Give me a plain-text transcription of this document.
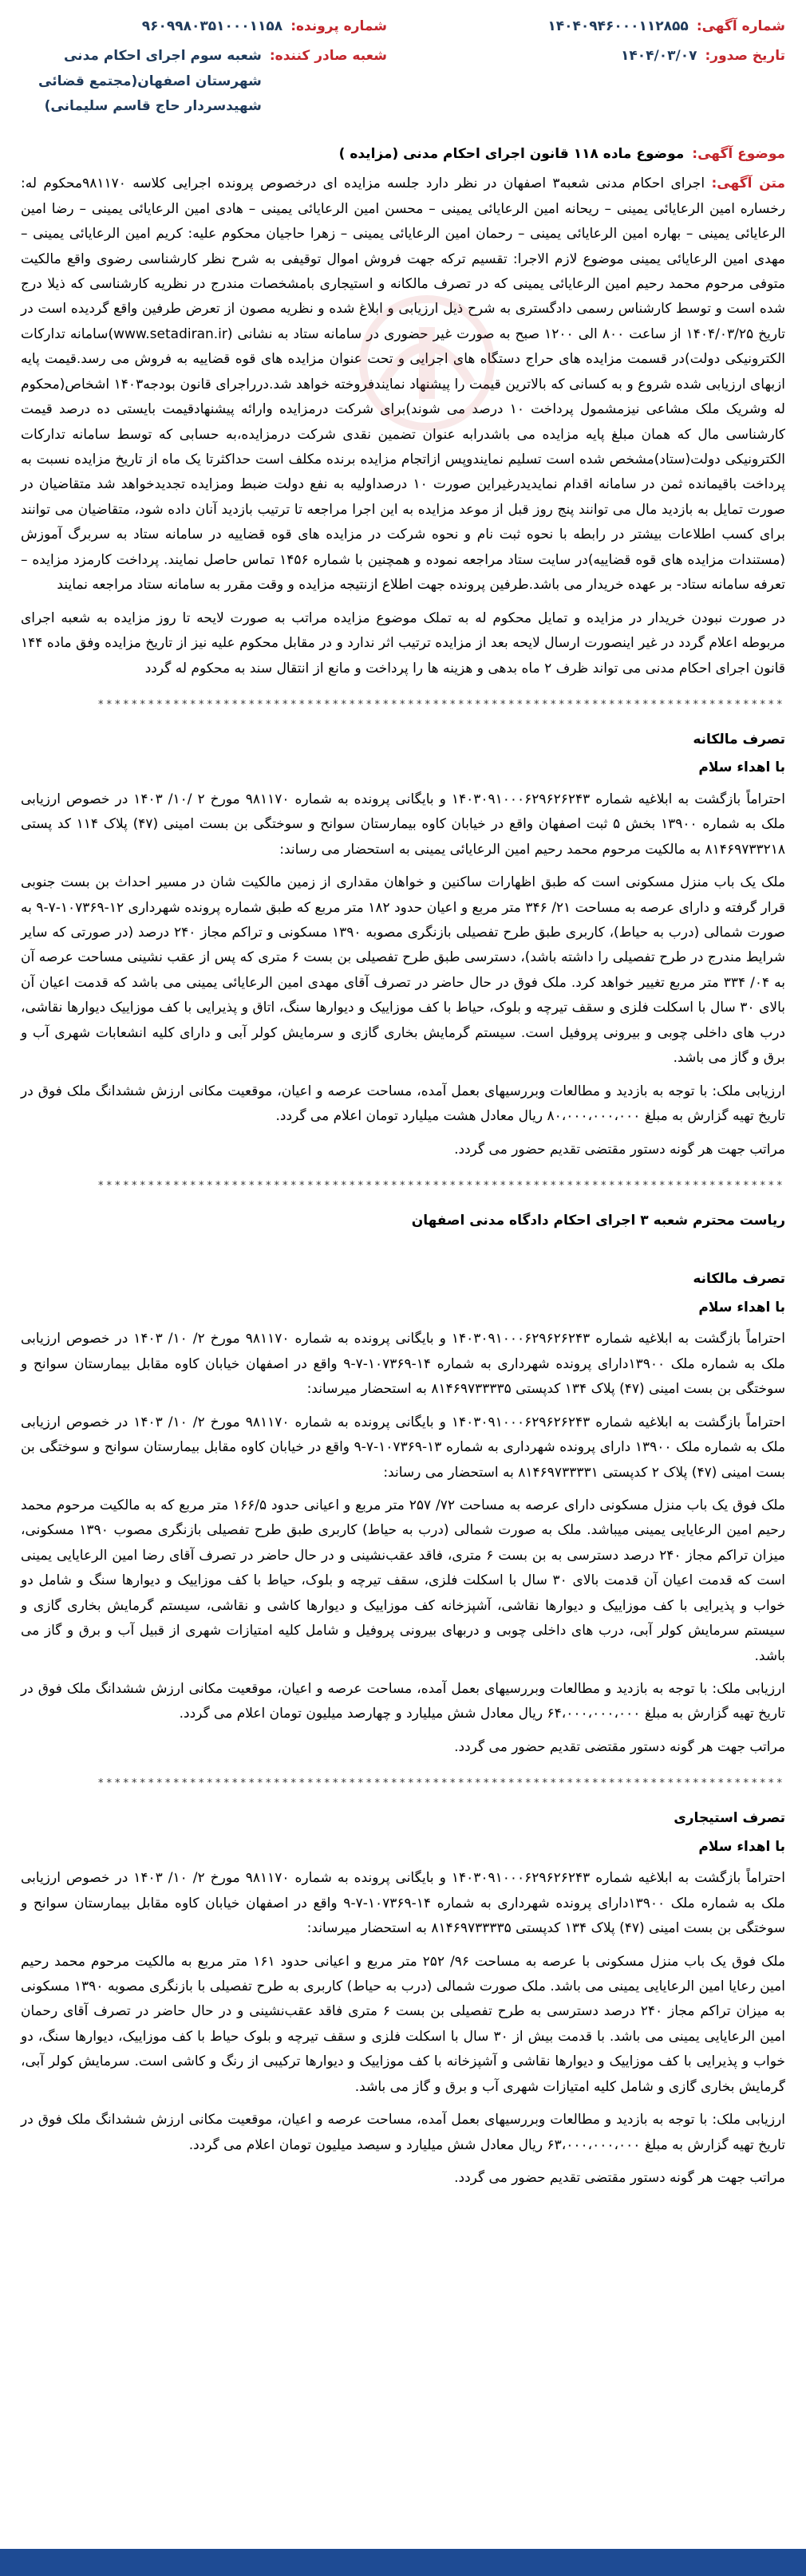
شماره آگهی:
۱۴۰۴۰۹۴۶۰۰۰۱۱۲۸۵۵
تاریخ صدور:
۱۴۰۴/۰۳/۰۷
شماره پرونده:
۹۶۰۹۹۸۰۳۵۱۰۰۰۱۱۵۸
شعبه صادر کننده:
شعبه سوم اجرای احکام مدنی شهرستان اصفهان(مجتمع قضائی شهیدسردار حاج قاسم سلیمانی)
موضوع آگهی:
موضوع ماده ۱۱۸ قانون اجرای احکام مدنی (مزایده )
متن آگهی: اجرای احکام مدنی شعبه۳ اصفهان در نظر دارد جلسه مزایده ای درخصوص پرونده اجرایی کلاسه ۹۸۱۱۷۰محکوم له: رخساره امین الرعایائی یمینی – ریحانه امین الرعایائی یمینی – محسن امین الرعایائی یمینی – هادی امین الرعایائی یمینی – رضا امین الرعایائی یمینی – بهاره امین الرعایائی یمینی – رحمان امین الرعایائی یمینی – زهرا حاجیان محکوم علیه: کریم امین الرعایائی یمینی – مهدی امین الرعایائی یمینی موضوع لازم الاجرا: تقسیم ترکه جهت فروش اموال توقیفی به شرح نظر کارشناسی رضوی واقع مالکیت متوفی مرحوم محمد رحیم امین الرعایائی یمینی که در تصرف مالکانه و استیجاری بامشخصات مندرج در نظریه کارشناسی که ذیلا درج شده است و توسط کارشناس رسمی دادگستری به شرح ذیل ارزیابی و ابلاغ شده و نظریه مصون از تعرض طرفین واقع گردیده است در تاریخ ۱۴۰۴/۰۳/۲۵ از ساعت ۸۰۰ الی ۱۲۰۰ صبح به صورت غیر حضوری در سامانه ستاد به نشانی (www.setadiran.ir)سامانه تدارکات الکترونیکی دولت)در قسمت مزایده های حراج دستگاه های اجرایی و تحت عنوان مزایده های قوه قضاییه به فروش می رسد.قیمت پایه ازبهای ارزیابی شده شروع و به کسانی که بالاترین قیمت را پیشنهاد نمایندفروخته خواهد شد.درراجرای قانون بودجه۱۴۰۳ اشخاص(محکوم له وشریک ملک مشاعی نیزمشمول پرداخت ۱۰ درصد می شوند)برای شرکت درمزایده وارائه پیشنهادقیمت بایستی ده درصد قیمت کارشناسی مال که همان مبلغ پایه مزایده می باشدرابه عنوان تضمین نقدی شرکت درمزایده،به حسابی که توسط سامانه تدارکات الکترونیکی دولت(ستاد)مشخص شده است تسلیم نمایندوپس ازاتجام مزایده برنده مکلف است حداکثرتا یک ماه از تاریخ مزایده نسبت به پرداخت باقیمانده ثمن در سامانه اقدام نمایدیدرغیراین صورت ۱۰ درصداولیه به نفع دولت ضبط ومزایده تجدیدخواهد شد متقاضیان در صورت تمایل به بازدید مال می توانند پنج روز قبل از موعد مزایده به این اجرا مراجعه تا ترتیب بازدید آنان داده شود، متقاضیان می توانند برای کسب اطلاعات بیشتر در رابطه با نحوه ثبت نام و نحوه شرکت در مزایده های قوه قضاییه در سامانه ستاد به سربرگ آموزش (مستندات مزایده های قوه قضاییه)در سایت ستاد مراجعه نموده و همچنین با شماره ۱۴۵۶ تماس حاصل نمایند. پرداخت کارمزد مزایده – تعرفه سامانه ستاد- بر عهده خریدار می باشد.طرفین پرونده جهت اطلاع ازنتیجه مزایده و وقت مقرر به سامانه ستاد مراجعه نمایند
در صورت نبودن خریدار در مزایده و تمایل محکوم له به تملک موضوع مزایده مراتب به صورت لایحه تا روز مزایده به شعبه اجرای مربوطه اعلام گردد در غیر اینصورت ارسال لایحه بعد از مزایده ترتیب اثر ندارد و در مقابل محکوم علیه نیز از تاریخ مزایده وفق ماده ۱۴۴ قانون اجرای احکام مدنی می تواند ظرف ۲ ماه بدهی و هزینه ها را پرداخت و مانع از انتقال سند به محکوم له گردد
**********************************************************************************
تصرف مالکانه
با اهداء سلام
احتراماً بازگشت به ابلاغیه شماره ۱۴۰۳۰۹۱۰۰۰۶۲۹۶۲۶۲۴۳ و بایگانی پرونده به شماره ۹۸۱۱۷۰ مورخ ۲ /۱۰/ ۱۴۰۳ در خصوص ارزیابی ملک به شماره ۱۳۹۰۰ بخش ۵ ثبت اصفهان واقع در خیابان کاوه بیمارستان سوانح و سوختگی بن بست امینی (۴۷) پلاک ۱۱۴ کد پستی ۸۱۴۶۹۷۳۳۲۱۸ به مالکیت مرحوم محمد رحیم امین الرعایائی یمینی به استحضار می رساند:
ملک یک باب منزل مسکونی است که طبق اظهارات ساکنین و خواهان مقداری از زمین مالکیت شان در مسیر احداث بن بست جنوبی قرار گرفته و دارای عرصه به مساحت ۲۱/ ۳۴۶ متر مربع و اعیان حدود ۱۸۲ متر مربع که طبق شماره پرونده شهرداری ۱۲-۱۰۷۳۶۹-۷-۹ به صورت شمالی (درب به حیاط)، کاربری طبق طرح تفصیلی بازنگری مصوبه ۱۳۹۰ مسکونی و تراکم مجاز ۲۴۰ درصد (در صورتی که سایر شرایط مندرج در طرح تفصیلی را داشته باشد)، دسترسی طبق طرح تفصیلی بن بست ۶ متری که پس از عقب نشینی مساحت عرصه آن به ۰۴/ ۳۳۴ متر مربع تغییر خواهد کرد. ملک فوق در حال حاضر در تصرف آقای مهدی امین الرعایائی یمینی می باشد که قدمت اعیان آن بالای ۳۰ سال با اسکلت فلزی و سقف تیرچه و بلوک، حیاط با کف موزاییک و دیوارها سنگ، اتاق و پذیرایی با کف موزاییک دیوارها نقاشی، درب های داخلی چوبی و بیرونی پروفیل است. سیستم گرمایش بخاری گازی و سرمایش کولر آبی و دارای کلیه انشعابات شهری آب و برق و گاز می باشد.
ارزیابی ملک: با توجه به بازدید و مطالعات وبررسیهای بعمل آمده، مساحت عرصه و اعیان، موقعیت مکانی ارزش ششدانگ ملک فوق در تاریخ تهیه گزارش به مبلغ ۸۰،۰۰۰،۰۰۰،۰۰۰ ریال معادل هشت میلیارد تومان اعلام می گردد.
مراتب جهت هر گونه دستور مقتضی تقدیم حضور می گردد.
**********************************************************************************
ریاست محترم شعبه ۳ اجرای احکام دادگاه مدنی اصفهان
تصرف مالکانه
با اهداء سلام
احتراماً بازگشت به ابلاغیه شماره ۱۴۰۳۰۹۱۰۰۰۶۲۹۶۲۶۲۴۳ و بایگانی پرونده به شماره ۹۸۱۱۷۰ مورخ ۲/ ۱۰/ ۱۴۰۳ در خصوص ارزیابی ملک به شماره ملک ۱۳۹۰۰دارای پرونده شهرداری به شماره ۱۴-۱۰۷۳۶۹-۷-۹ واقع در اصفهان خیابان کاوه مقابل بیمارستان سوانح و سوختگی بن بست امینی (۴۷) پلاک ۱۳۴ کدپستی ۸۱۴۶۹۷۳۳۳۳۵ به استحضار میرساند:
احتراماً بازگشت به ابلاغیه شماره ۱۴۰۳۰۹۱۰۰۰۶۲۹۶۲۶۲۴۳ و بایگانی پرونده به شماره ۹۸۱۱۷۰ مورخ ۲/ ۱۰/ ۱۴۰۳ در خصوص ارزیابی ملک به شماره ملک ۱۳۹۰۰ دارای پرونده شهرداری به شماره ۱۳-۱۰۷۳۶۹-۷-۹ واقع در خیابان کاوه مقابل بیمارستان سوانح و سوختگی بن بست امینی (۴۷) پلاک ۲ کدپستی ۸۱۴۶۹۷۳۳۳۳۱ به استحضار می رساند:
ملک فوق یک باب منزل مسکونی دارای عرصه به مساحت ۷۲/ ۲۵۷ متر مربع و اعیانی حدود ۱۶۶/۵ متر مربع که به مالکیت مرحوم محمد رحیم امین الرعایایی یمینی میباشد. ملک به صورت شمالی (درب به حیاط) کاربری طبق طرح تفصیلی بازنگری مصوب ۱۳۹۰ مسکونی، میزان تراکم مجاز ۲۴۰ درصد دسترسی به بن بست ۶ متری، فاقد عقب‌نشینی و در حال حاضر در تصرف آقای رضا امین الرعایایی یمینی است که قدمت اعیان آن قدمت بالای ۳۰ سال با اسکلت فلزی، سقف تیرچه و بلوک، حیاط با کف موزاییک و دیوارها سنگ و شامل دو خواب و پذیرایی با کف موزاییک و دیوارها نقاشی، آشپزخانه کف موزاییک و دیوارها کاشی و نقاشی، سیستم گرمایش بخاری گازی و سیستم سرمایش کولر آبی، درب های داخلی چوبی و دربهای بیرونی پروفیل و شامل کلیه امتیازات شهری از قبیل آب و برق و گاز می باشد.
ارزیابی ملک: با توجه به بازدید و مطالعات وبررسیهای بعمل آمده، مساحت عرصه و اعیان، موقعیت مکانی ارزش ششدانگ ملک فوق در تاریخ تهیه گزارش به مبلغ ۶۴،۰۰۰،۰۰۰،۰۰۰ ریال معادل شش میلیارد و چهارصد میلیون تومان اعلام می گردد.
مراتب جهت هر گونه دستور مقتضی تقدیم حضور می گردد.
**********************************************************************************
تصرف استیجاری
با اهداء سلام
احتراماً بازگشت به ابلاغیه شماره ۱۴۰۳۰۹۱۰۰۰۶۲۹۶۲۶۲۴۳ و بایگانی پرونده به شماره ۹۸۱۱۷۰ مورخ ۲/ ۱۰/ ۱۴۰۳ در خصوص ارزیابی ملک به شماره ملک ۱۳۹۰۰دارای پرونده شهرداری به شماره ۱۴-۱۰۷۳۶۹-۷-۹ واقع در اصفهان خیابان کاوه مقابل بیمارستان سوانح و سوختگی بن بست امینی (۴۷) پلاک ۱۳۴ کدپستی ۸۱۴۶۹۷۳۳۳۳۵ به استحضار میرساند:
ملک فوق یک باب منزل مسکونی با عرصه به مساحت ۹۶/ ۲۵۲ متر مربع و اعیانی حدود ۱۶۱ متر مربع به مالکیت مرحوم محمد رحیم امین رعایا امین الرعایایی یمینی می باشد. ملک صورت شمالی (درب به حیاط) کاربری به طرح تفصیلی با بازنگری مصوبه ۱۳۹۰ مسکونی به میزان تراکم مجاز ۲۴۰ درصد دسترسی به طرح تفصیلی بن بست ۶ متری فاقد عقب‌نشینی و در حال حاضر در تصرف آقای رحمان امین الرعایایی یمینی می باشد. با قدمت بیش از ۳۰ سال با اسکلت فلزی و سقف تیرچه و بلوک حیاط با کف موزاییک، دیوارها سنگ، دو خواب و پذیرایی با کف موزاییک و دیوارها نقاشی و آشپزخانه با کف موزاییک و دیوارها ترکیبی از رنگ و کاشی است. سرمایش کولر آبی، گرمایش بخاری گازی و شامل کلیه امتیازات شهری آب و برق و گاز می باشد.
ارزیابی ملک: با توجه به بازدید و مطالعات وبررسیهای بعمل آمده، مساحت عرصه و اعیان، موقعیت مکانی ارزش ششدانگ ملک فوق در تاریخ تهیه گزارش به مبلغ ۶۳،۰۰۰،۰۰۰،۰۰۰ ریال معادل شش میلیارد و سیصد میلیون تومان اعلام می گردد.
مراتب جهت هر گونه دستور مقتضی تقدیم حضور می گردد.
